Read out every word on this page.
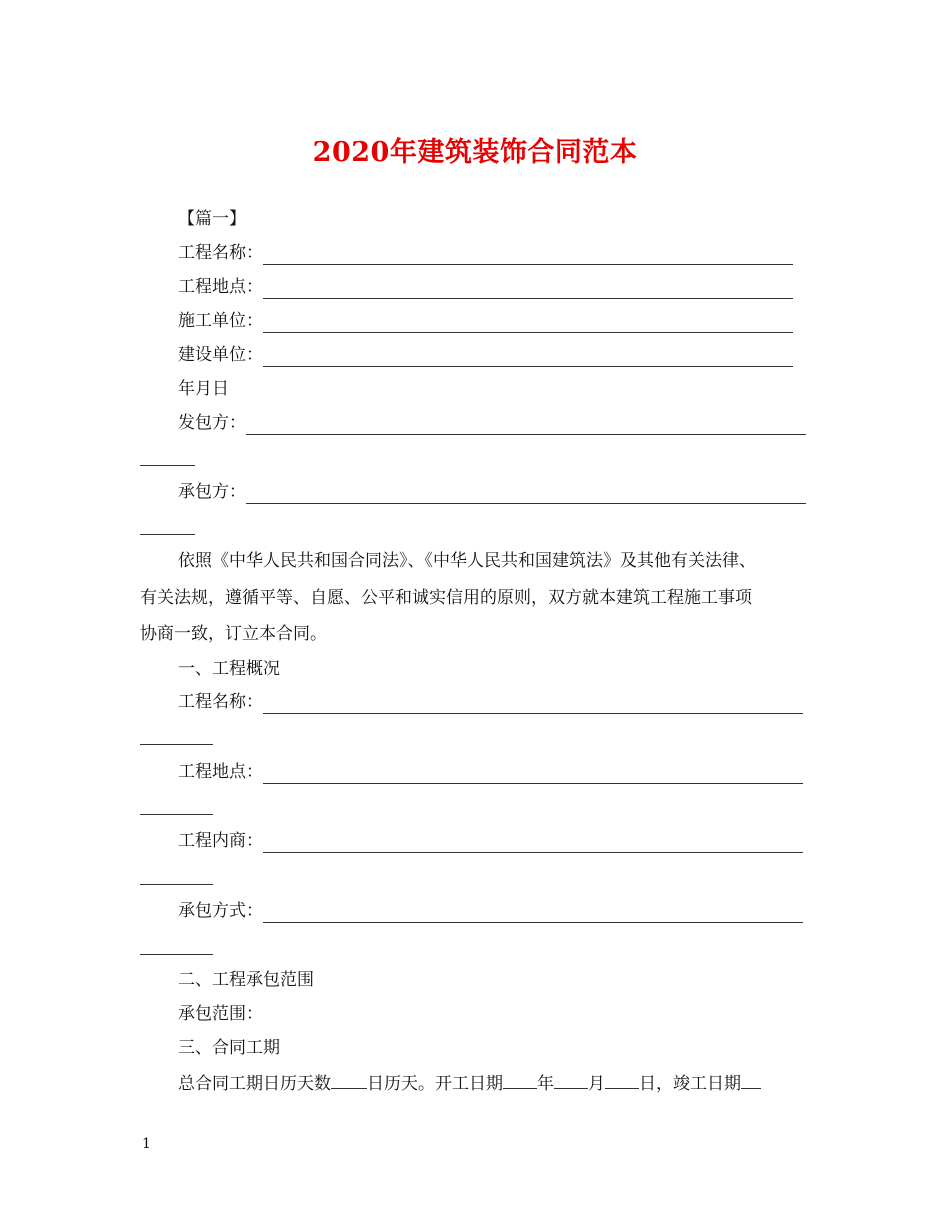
2020年建筑装饰合同范本
【篇一】
工程名称：
工程地点：
施工单位：
建设单位：
年月日
发包方：
承包方：
依照《中华人民共和国合同法》、《中华人民共和国建筑法》及其他有关法律、
有关法规，遵循平等、自愿、公平和诚实信用的原则，双方就本建筑工程施工事项
协商一致，订立本合同。
一、工程概况
工程名称：
工程地点：
工程内商：
承包方式：
二、工程承包范围
承包范围：
三、合同工期
总合同工期日历天数 日历天。开工日期 年 月 日，竣工日期
1
